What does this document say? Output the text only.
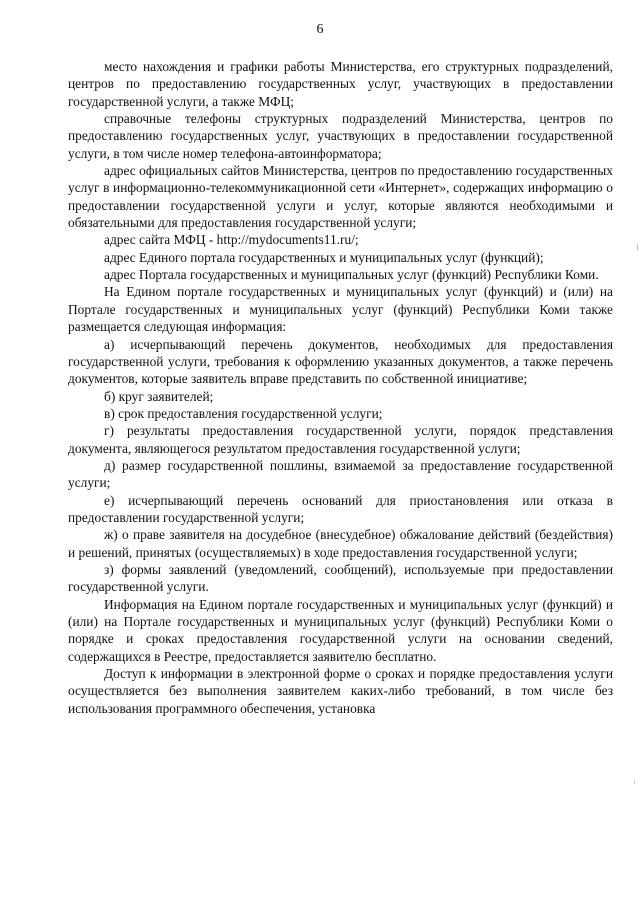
6

место нахождения и графики работы Министерства, его структурных подразделений, центров по предоставлению государственных услуг, участвующих в предоставлении государственной услуги, а также МФЦ;

справочные телефоны структурных подразделений Министерства, центров по предоставлению государственных услуг, участвующих в предоставлении государственной услуги, в том числе номер телефона-автоинформатора;

адрес официальных сайтов Министерства, центров по предоставлению государственных услуг в информационно-телекоммуникационной сети «Интернет», содержащих информацию о предоставлении государственной услуги и услуг, которые являются необходимыми и обязательными для предоставления государственной услуги;

адрес сайта МФЦ - http://mydocuments11.ru/;

адрес Единого портала государственных и муниципальных услуг (функций);

адрес Портала государственных и муниципальных услуг (функций) Республики Коми.

На Едином портале государственных и муниципальных услуг (функций) и (или) на Портале государственных и муниципальных услуг (функций) Республики Коми также размещается следующая информация:

а) исчерпывающий перечень документов, необходимых для предоставления государственной услуги, требования к оформлению указанных документов, а также перечень документов, которые заявитель вправе представить по собственной инициативе;

б) круг заявителей;

в) срок предоставления государственной услуги;

г) результаты предоставления государственной услуги, порядок представления документа, являющегося результатом предоставления государственной услуги;

д) размер государственной пошлины, взимаемой за предоставление государственной услуги;

е) исчерпывающий перечень оснований для приостановления или отказа в предоставлении государственной услуги;

ж) о праве заявителя на досудебное (внесудебное) обжалование действий (бездействия) и решений, принятых (осуществляемых) в ходе предоставления государственной услуги;

з) формы заявлений (уведомлений, сообщений), используемые при предоставлении государственной услуги.

Информация на Едином портале государственных и муниципальных услуг (функций) и (или) на Портале государственных и муниципальных услуг (функций) Республики Коми о порядке и сроках предоставления государственной услуги на основании сведений, содержащихся в Реестре, предоставляется заявителю бесплатно.

Доступ к информации в электронной форме о сроках и порядке предоставления услуги осуществляется без выполнения заявителем каких-либо требований, в том числе без использования программного обеспечения, установка
